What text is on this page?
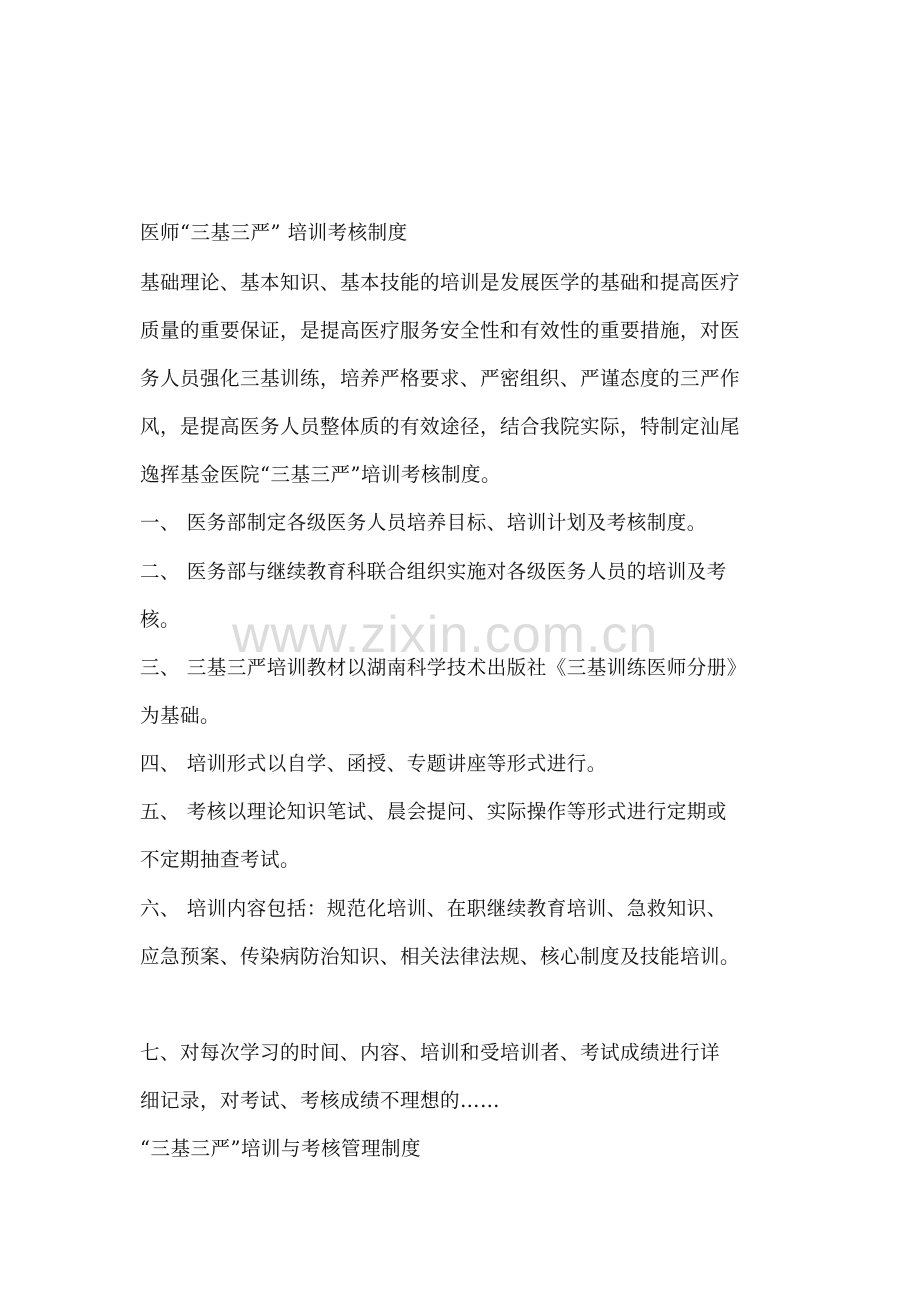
医师“三基三严” 培训考核制度
基础理论、基本知识、基本技能的培训是发展医学的基础和提高医疗
质量的重要保证，是提高医疗服务安全性和有效性的重要措施，对医
务人员强化三基训练，培养严格要求、严密组织、严谨态度的三严作
风，是提高医务人员整体质的有效途径，结合我院实际，特制定汕尾
逸挥基金医院“三基三严”培训考核制度。
一、 医务部制定各级医务人员培养目标、培训计划及考核制度。
二、 医务部与继续教育科联合组织实施对各级医务人员的培训及考
核。
三、 三基三严培训教材以湖南科学技术出版社《三基训练医师分册》
为基础。
四、 培训形式以自学、函授、专题讲座等形式进行。
五、 考核以理论知识笔试、晨会提问、实际操作等形式进行定期或
不定期抽查考试。
六、 培训内容包括：规范化培训、在职继续教育培训、急救知识、
应急预案、传染病防治知识、相关法律法规、核心制度及技能培训。
七、对每次学习的时间、内容、培训和受培训者、考试成绩进行详
细记录，对考试、考核成绩不理想的……
“三基三严”培训与考核管理制度
www.zixin.com.cn
